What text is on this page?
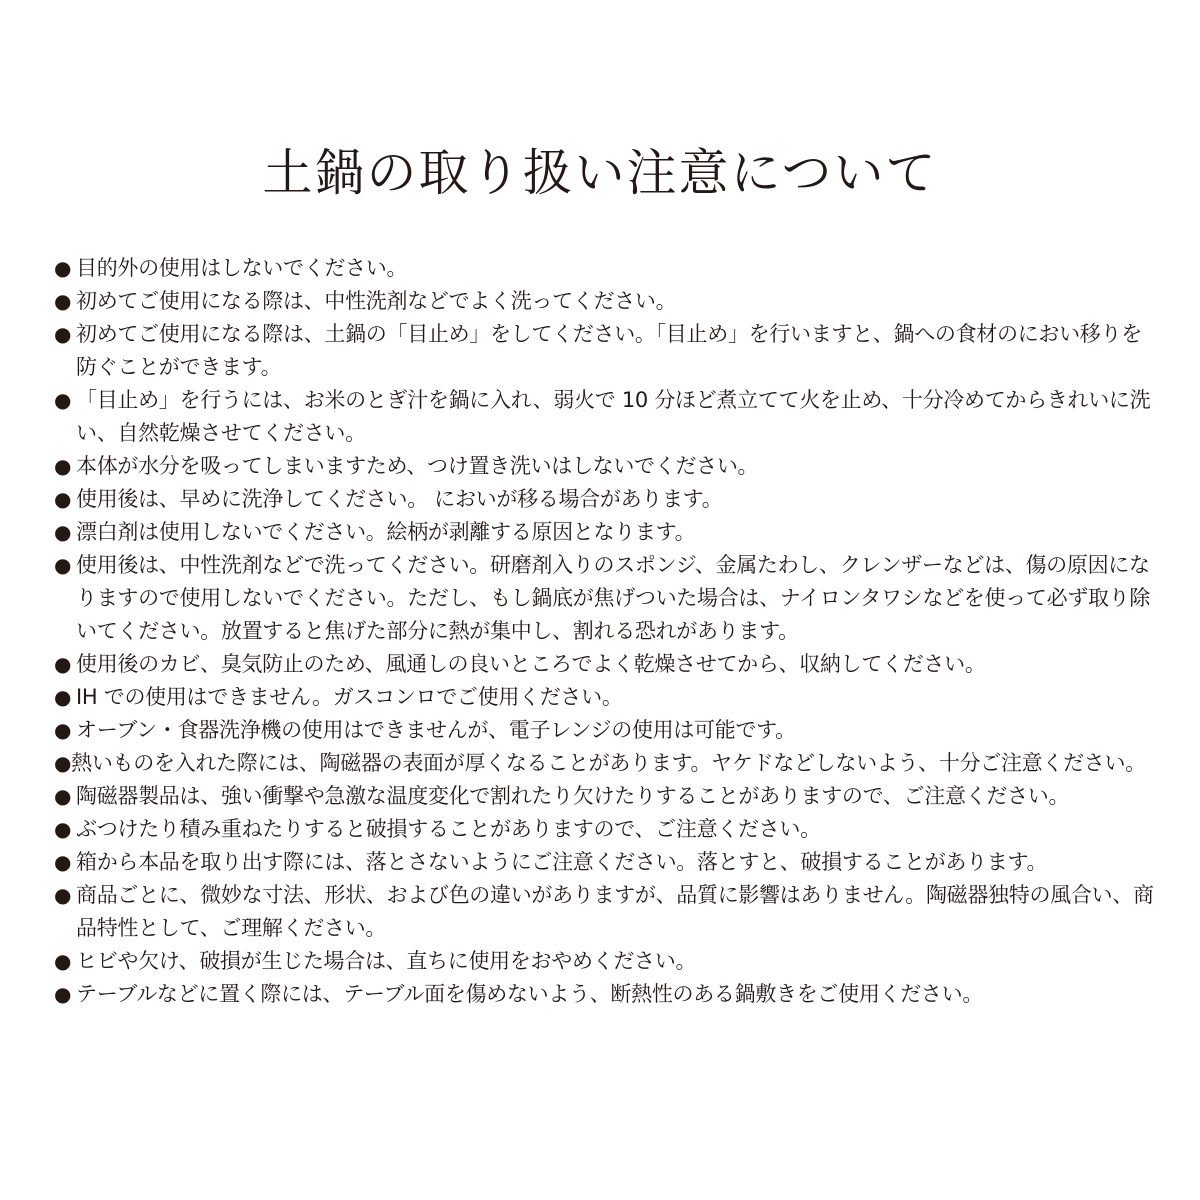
土鍋の取り扱い注意について
● 目的外の使用はしないでください。
● 初めてご使用になる際は、中性洗剤などでよく洗ってください。
● 初めてご使用になる際は、土鍋の「目止め」をしてください。「目止め」を行いますと、鍋への食材のにおい移りを防ぐことができます。
● 「目止め」を行うには、お米のとぎ汁を鍋に入れ、弱火で 10 分ほど煮立てて火を止め、十分冷めてからきれいに洗い、自然乾燥させてください。
● 本体が水分を吸ってしまいますため、つけ置き洗いはしないでください。
● 使用後は、早めに洗浄してください。 においが移る場合があります。
● 漂白剤は使用しないでください。絵柄が剥離する原因となります。
● 使用後は、中性洗剤などで洗ってください。研磨剤入りのスポンジ、金属たわし、クレンザーなどは、傷の原因になりますので使用しないでください。ただし、もし鍋底が焦げついた場合は、ナイロンタワシなどを使って必ず取り除いてください。放置すると焦げた部分に熱が集中し、割れる恐れがあります。
● 使用後のカビ、臭気防止のため、風通しの良いところでよく乾燥させてから、収納してください。
● IH での使用はできません。ガスコンロでご使用ください。
● オーブン・食器洗浄機の使用はできませんが、電子レンジの使用は可能です。
●熱いものを入れた際には、陶磁器の表面が厚くなることがあります。ヤケドなどしないよう、十分ご注意ください。
● 陶磁器製品は、強い衝撃や急激な温度変化で割れたり欠けたりすることがありますので、ご注意ください。
● ぶつけたり積み重ねたりすると破損することがありますので、ご注意ください。
● 箱から本品を取り出す際には、落とさないようにご注意ください。落とすと、破損することがあります。
● 商品ごとに、微妙な寸法、形状、および色の違いがありますが、品質に影響はありません。陶磁器独特の風合い、商品特性として、ご理解ください。
● ヒビや欠け、破損が生じた場合は、直ちに使用をおやめください。
● テーブルなどに置く際には、テーブル面を傷めないよう、断熱性のある鍋敷きをご使用ください。
